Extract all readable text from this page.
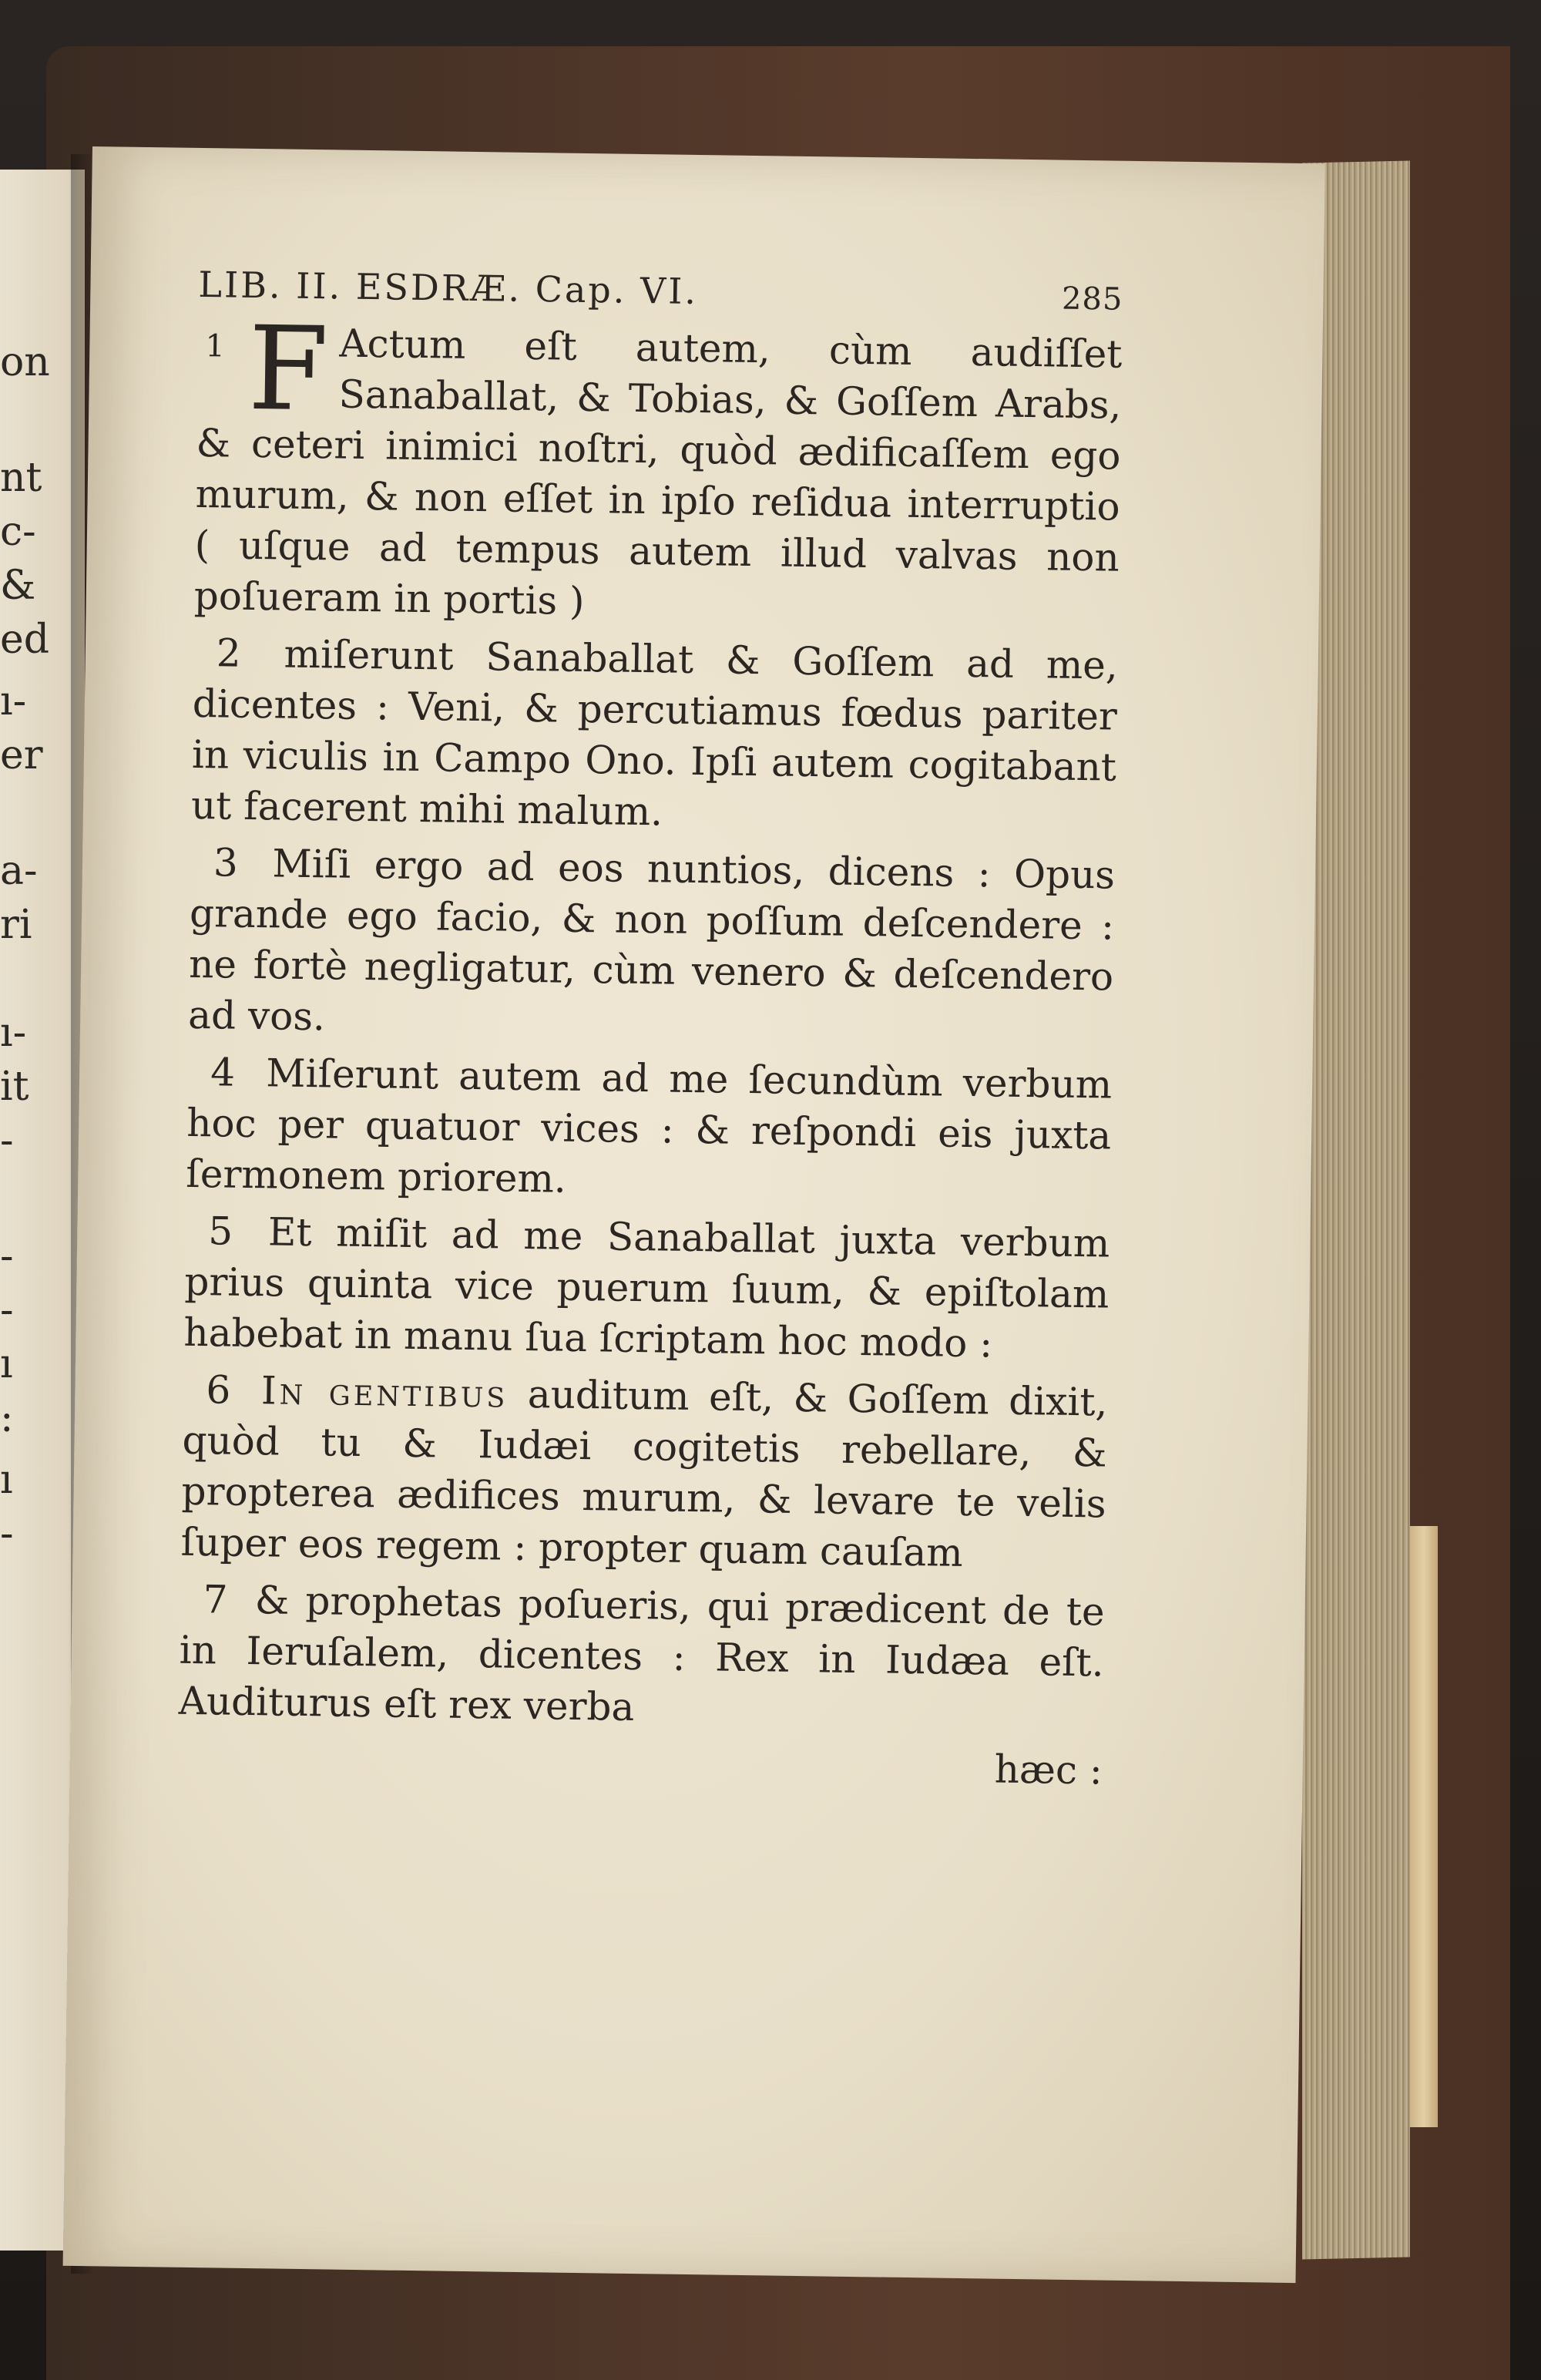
on
nt
c-
&
ed
ı-
er
a-
ri
ı-
it
-
-
-
ı
:
ı
-
LIB. II. ESDRÆ. Cap. VI.	285

1 F Actum eſt autem, cùm audiſſet Sanaballat, & Tobias, & Goſſem Arabs, & ceteri inimici noſtri, quòd ædificaſſem ego murum, & non eſſet in ipſo reſidua interruptio ( uſque ad tempus autem illud valvas non poſueram in portis )

2 miſerunt Sanaballat & Goſſem ad me, dicentes : Veni, & percutiamus fœdus pariter in viculis in Campo Ono. Ipſi autem cogitabant ut facerent mihi malum.

3 Miſi ergo ad eos nuntios, dicens : Opus grande ego facio, & non poſſum deſcendere : ne fortè negligatur, cùm venero & deſcendero ad vos.

4 Miſerunt autem ad me ſecundùm verbum hoc per quatuor vices : & reſpondi eis juxta ſermonem priorem.

5 Et miſit ad me Sanaballat juxta verbum prius quinta vice puerum ſuum, & epiſtolam habebat in manu ſua ſcriptam hoc modo :

6 In gentibus auditum eſt, & Goſſem dixit, quòd tu & Iudæi cogitetis rebellare, & propterea ædifices murum, & levare te velis ſuper eos regem : propter quam cauſam

7 & prophetas poſueris, qui prædicent de te in Ieruſalem, dicentes : Rex in Iudæa eſt. Auditurus eſt rex verba

hæc :
